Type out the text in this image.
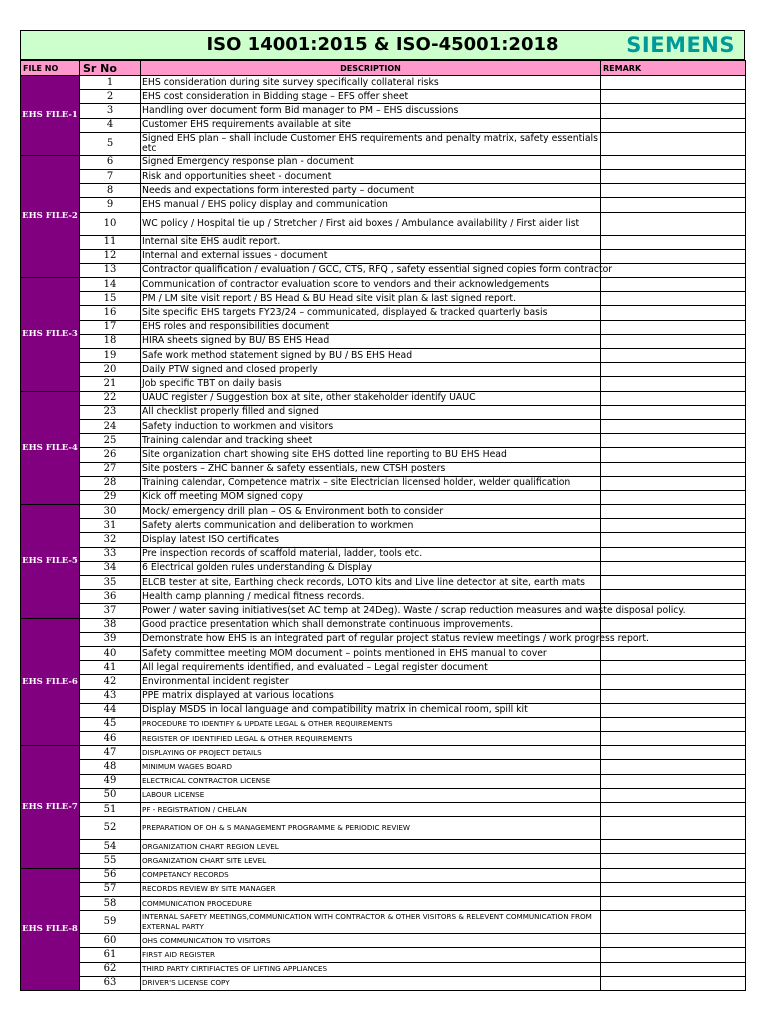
ISO 14001:2015 & ISO-45001:2018	SIEMENS
FILE NO	Sr No	DESCRIPTION	REMARK
EHS FILE-1	1	EHS consideration during site survey specifically collateral risks	
	2	EHS cost consideration in Bidding stage – EFS offer sheet	
	3	Handling over document form Bid manager to PM – EHS discussions	
	4	Customer EHS requirements available at site	
	5	Signed EHS plan – shall include Customer EHS requirements and penalty matrix, safety essentials etc	
EHS FILE-2	6	Signed Emergency response plan - document	
	7	Risk and opportunities sheet - document	
	8	Needs and expectations form interested party – document	
	9	EHS manual / EHS policy display and communication	
	10	WC policy / Hospital tie up / Stretcher / First aid boxes / Ambulance availability / First aider list	
	11	Internal site EHS audit report.	
	12	Internal and external issues - document	
	13	Contractor qualification / evaluation / GCC, CTS, RFQ , safety essential signed copies form contractor	
EHS FILE-3	14	Communication of contractor evaluation score to vendors and their acknowledgements	
	15	PM / LM site visit report / BS Head & BU Head site visit plan & last signed report.	
	16	Site specific EHS targets FY23/24 – communicated, displayed & tracked quarterly basis	
	17	EHS roles and responsibilities document	
	18	HIRA sheets signed by BU/ BS EHS Head	
	19	Safe work method statement signed by BU / BS EHS Head	
	20	Daily PTW signed and closed properly	
	21	Job specific TBT on daily basis	
EHS FILE-4	22	UAUC register / Suggestion box at site, other stakeholder identify UAUC	
	23	All checklist properly filled and signed	
	24	Safety induction to workmen and visitors	
	25	Training calendar and tracking sheet	
	26	Site organization chart showing site EHS dotted line reporting to BU EHS Head	
	27	Site posters – ZHC banner & safety essentials, new CTSH posters	
	28	Training calendar, Competence matrix – site Electrician licensed holder, welder qualification	
	29	Kick off meeting MOM signed copy	
EHS FILE-5	30	Mock/ emergency drill plan – OS & Environment both to consider	
	31	Safety alerts communication and deliberation to workmen	
	32	Display latest ISO certificates	
	33	Pre inspection records of scaffold material, ladder, tools etc.	
	34	6 Electrical golden rules understanding & Display	
	35	ELCB tester at site, Earthing check records, LOTO kits and Live line detector at site, earth mats	
	36	Health camp planning / medical fitness records.	
	37	Power / water saving initiatives(set AC temp at 24Deg). Waste / scrap reduction measures and waste disposal policy.	
EHS FILE-6	38	Good practice presentation which shall demonstrate continuous improvements.	
	39	Demonstrate how EHS is an integrated part of regular project status review meetings / work progress report.	
	40	Safety committee meeting MOM document – points mentioned in EHS manual to cover	
	41	All legal requirements identified, and evaluated – Legal register document	
	42	Environmental incident register	
	43	PPE matrix displayed at various locations	
	44	Display MSDS in local language and compatibility matrix in chemical room, spill kit	
	45	PROCEDURE TO IDENTIFY & UPDATE LEGAL & OTHER REQUIREMENTS	
	46	REGISTER OF IDENTIFIED LEGAL & OTHER REQUIREMENTS	
EHS FILE-7	47	DISPLAYING OF PROJECT DETAILS	
	48	MINIMUM WAGES BOARD	
	49	ELECTRICAL CONTRACTOR LICENSE	
	50	LABOUR LICENSE	
	51	PF - REGISTRATION / CHELAN	
	52	PREPARATION OF OH & S MANAGEMENT PROGRAMME & PERIODIC REVIEW	
	54	ORGANIZATION CHART REGION LEVEL	
	55	ORGANIZATION CHART SITE LEVEL	
EHS FILE-8	56	COMPETANCY RECORDS	
	57	RECORDS REVIEW BY SITE MANAGER	
	58	COMMUNICATION PROCEDURE	
	59	INTERNAL SAFETY MEETINGS,COMMUNICATION WITH CONTRACTOR & OTHER VISITORS & RELEVENT COMMUNICATION FROM EXTERNAL PARTY	
	60	OHS COMMUNICATION TO VISITORS	
	61	FIRST AID REGISTER	
	62	THIRD PARTY CIRTIFIACTES OF LIFTING APPLIANCES	
	63	DRIVER'S LICENSE COPY	
